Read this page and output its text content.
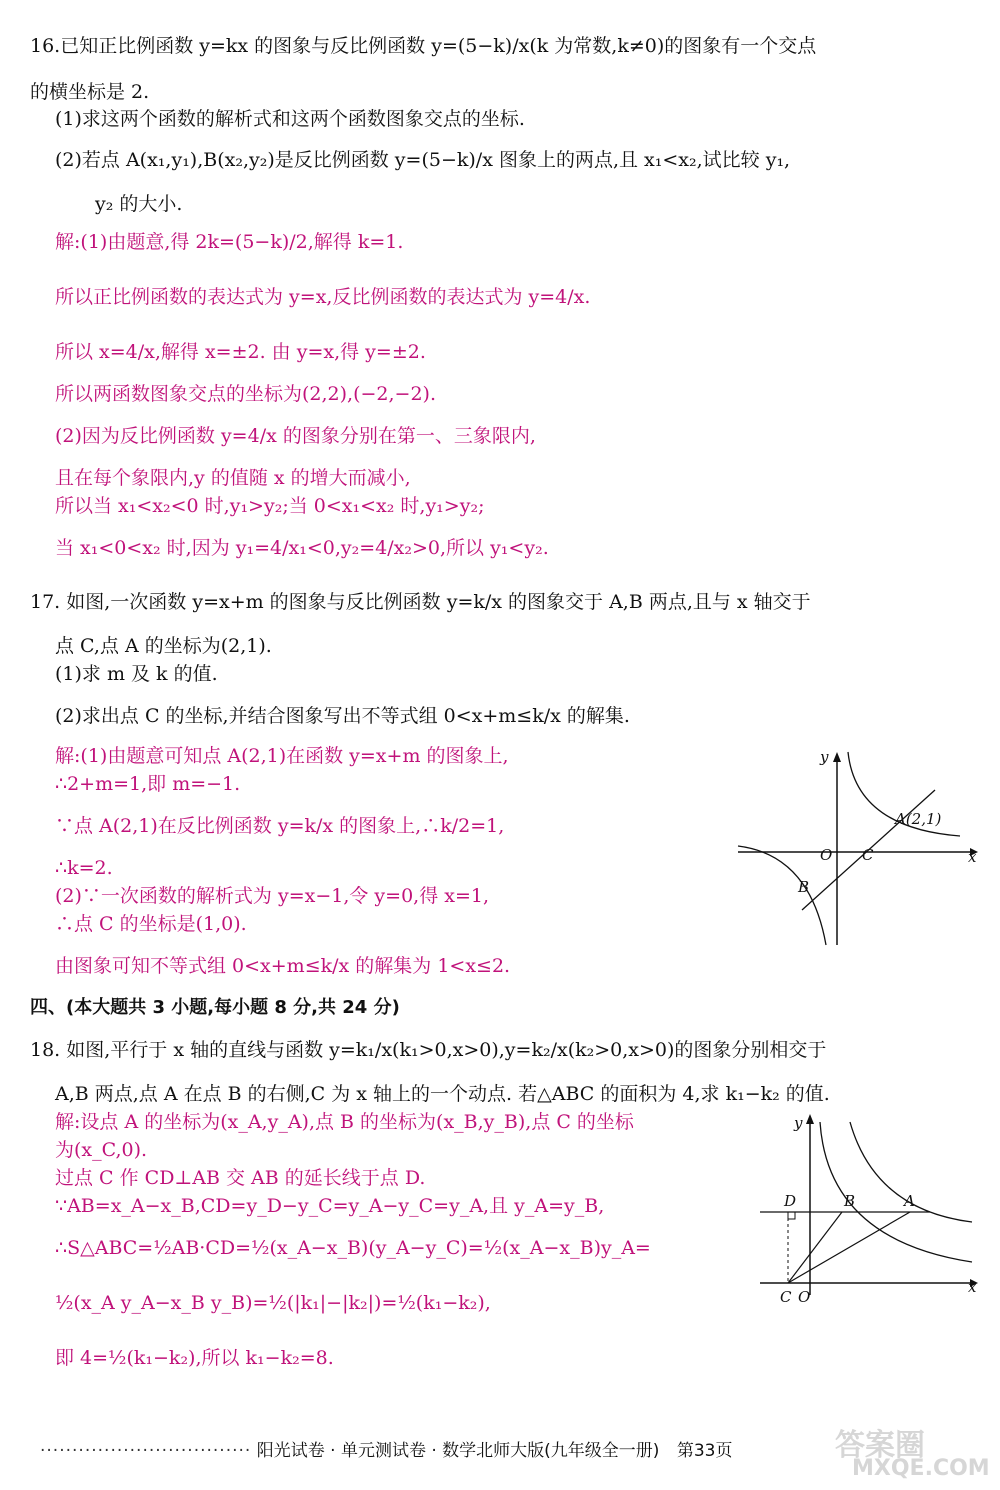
16.已知正比例函数 y=kx 的图象与反比例函数 y=(5−k)/x(k 为常数,k≠0)的图象有一个交点
的横坐标是 2.
(1)求这两个函数的解析式和这两个函数图象交点的坐标.
(2)若点 A(x₁,y₁),B(x₂,y₂)是反比例函数 y=(5−k)/x 图象上的两点,且 x₁<x₂,试比较 y₁,
y₂ 的大小.
解:(1)由题意,得 2k=(5−k)/2,解得 k=1.
所以正比例函数的表达式为 y=x,反比例函数的表达式为 y=4/x.
所以 x=4/x,解得 x=±2. 由 y=x,得 y=±2.
所以两函数图象交点的坐标为(2,2),(−2,−2).
(2)因为反比例函数 y=4/x 的图象分别在第一、三象限内,
且在每个象限内,y 的值随 x 的增大而减小,
所以当 x₁<x₂<0 时,y₁>y₂;当 0<x₁<x₂ 时,y₁>y₂;
当 x₁<0<x₂ 时,因为 y₁=4/x₁<0,y₂=4/x₂>0,所以 y₁<y₂.
17. 如图,一次函数 y=x+m 的图象与反比例函数 y=k/x 的图象交于 A,B 两点,且与 x 轴交于
点 C,点 A 的坐标为(2,1).
(1)求 m 及 k 的值.
(2)求出点 C 的坐标,并结合图象写出不等式组 0<x+m≤k/x 的解集.
解:(1)由题意可知点 A(2,1)在函数 y=x+m 的图象上,
∴2+m=1,即 m=−1.
∵点 A(2,1)在反比例函数 y=k/x 的图象上,∴k/2=1,
∴k=2.
(2)∵一次函数的解析式为 y=x−1,令 y=0,得 x=1,
∴点 C 的坐标是(1,0).
由图象可知不等式组 0<x+m≤k/x 的解集为 1<x≤2.
y
x
O C
A(2,1)
B
四、(本大题共 3 小题,每小题 8 分,共 24 分)
18. 如图,平行于 x 轴的直线与函数 y=k₁/x(k₁>0,x>0),y=k₂/x(k₂>0,x>0)的图象分别相交于
A,B 两点,点 A 在点 B 的右侧,C 为 x 轴上的一个动点. 若△ABC 的面积为 4,求 k₁−k₂ 的值.
解:设点 A 的坐标为(x_A,y_A),点 B 的坐标为(x_B,y_B),点 C 的坐标
为(x_C,0).
过点 C 作 CD⊥AB 交 AB 的延长线于点 D.
∵AB=x_A−x_B,CD=y_D−y_C=y_A−y_C=y_A,且 y_A=y_B,
∴S△ABC=½AB·CD=½(x_A−x_B)(y_A−y_C)=½(x_A−x_B)y_A=
½(x_A y_A−x_B y_B)=½(|k₁|−|k₂|)=½(k₁−k₂),
即 4=½(k₁−k₂),所以 k₁−k₂=8.
y
x
D	B	A
C O
································· 阳光试卷 · 单元测试卷 · 数学北师大版(九年级全一册) 第33页	答案圈
MXQE.COM
